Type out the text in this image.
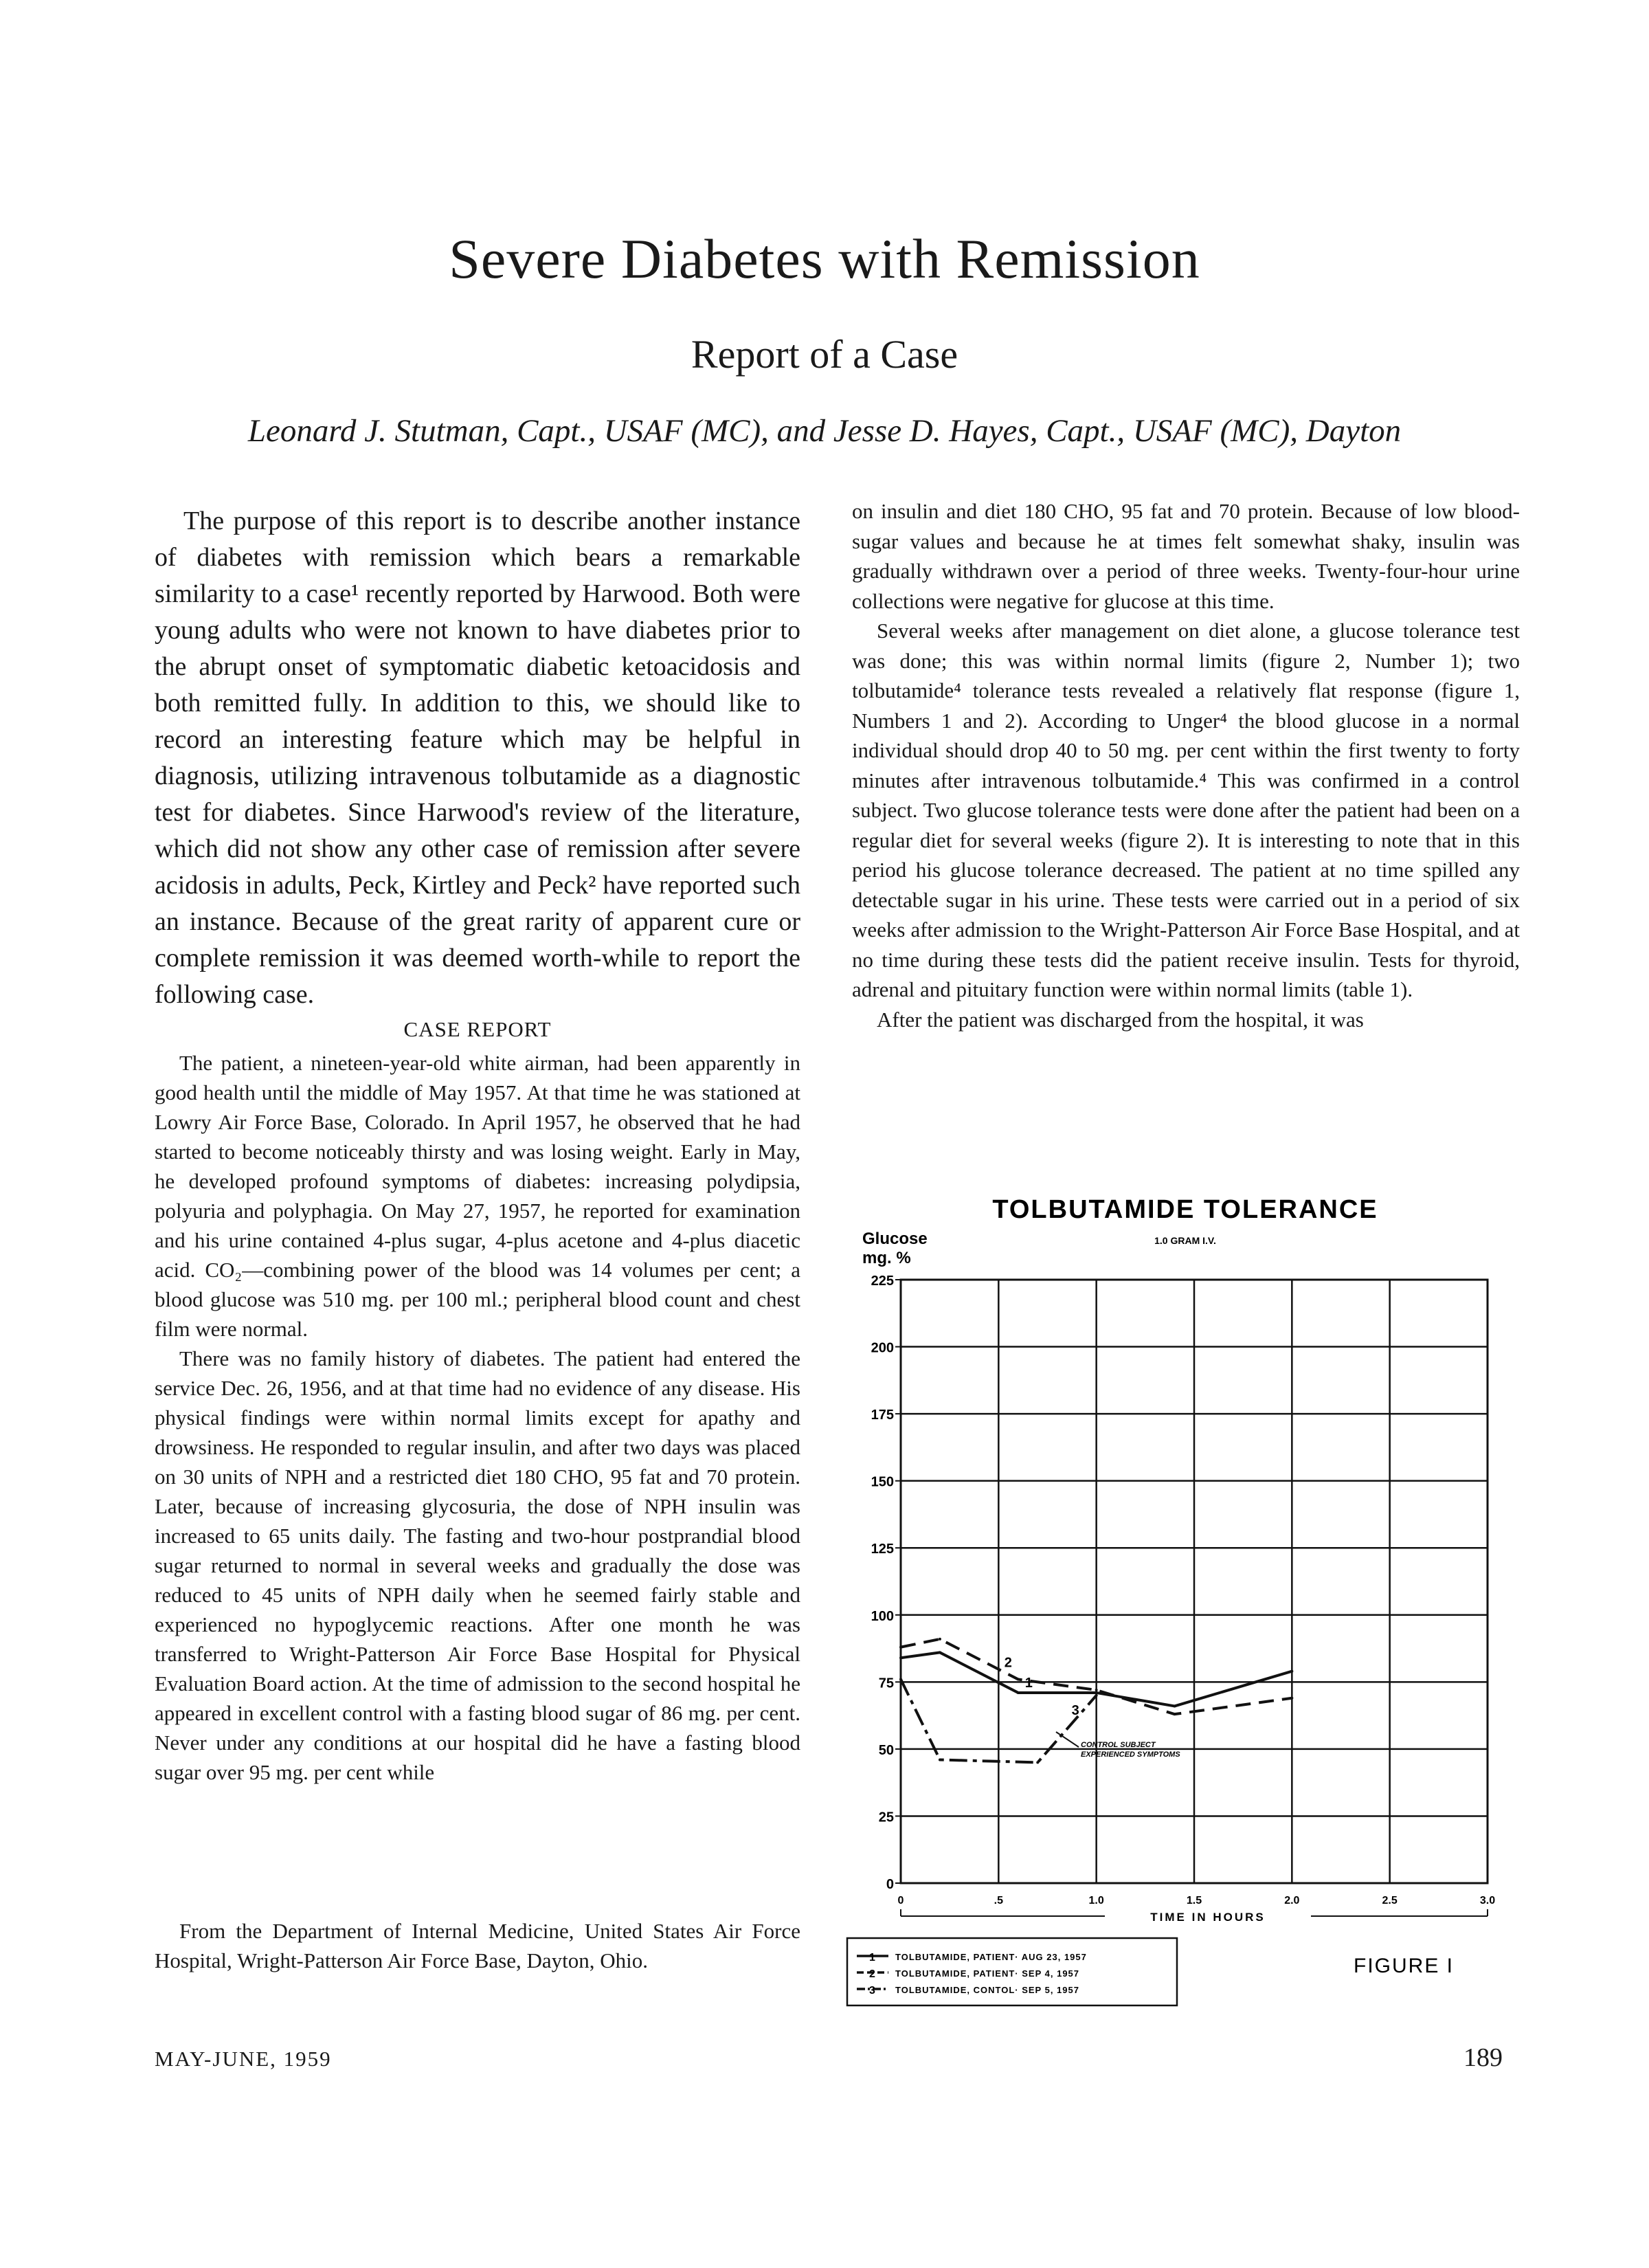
Severe Diabetes with Remission
Report of a Case
Leonard J. Stutman, Capt., USAF (MC), and Jesse D. Hayes, Capt., USAF (MC), Dayton

The purpose of this report is to describe another instance of diabetes with remission which bears a remarkable similarity to a case¹ recently reported by Harwood. Both were young adults who were not known to have diabetes prior to the abrupt onset of symptomatic diabetic ketoacidosis and both remitted fully. In addition to this, we should like to record an interesting feature which may be helpful in diagnosis, utilizing intravenous tolbutamide as a diagnostic test for diabetes. Since Harwood's review of the literature, which did not show any other case of remission after severe acidosis in adults, Peck, Kirtley and Peck² have reported such an instance. Because of the great rarity of apparent cure or complete remission it was deemed worth-while to report the following case.

CASE REPORT

The patient, a nineteen-year-old white airman, had been apparently in good health until the middle of May 1957. At that time he was stationed at Lowry Air Force Base, Colorado. In April 1957, he observed that he had started to become noticeably thirsty and was losing weight. Early in May, he developed profound symptoms of diabetes: increasing polydipsia, polyuria and polyphagia. On May 27, 1957, he reported for examination and his urine contained 4-plus sugar, 4-plus acetone and 4-plus diacetic acid. CO₂—combining power of the blood was 14 volumes per cent; a blood glucose was 510 mg. per 100 ml.; peripheral blood count and chest film were normal.

There was no family history of diabetes. The patient had entered the service Dec. 26, 1956, and at that time had no evidence of any disease. His physical findings were within normal limits except for apathy and drowsiness. He responded to regular insulin, and after two days was placed on 30 units of NPH and a restricted diet 180 CHO, 95 fat and 70 protein. Later, because of increasing glycosuria, the dose of NPH insulin was increased to 65 units daily. The fasting and two-hour postprandial blood sugar returned to normal in several weeks and gradually the dose was reduced to 45 units of NPH daily when he seemed fairly stable and experienced no hypoglycemic reactions. After one month he was transferred to Wright-Patterson Air Force Base Hospital for Physical Evaluation Board action. At the time of admission to the second hospital he appeared in excellent control with a fasting blood sugar of 86 mg. per cent. Never under any conditions at our hospital did he have a fasting blood sugar over 95 mg. per cent while

on insulin and diet 180 CHO, 95 fat and 70 protein. Because of low blood-sugar values and because he at times felt somewhat shaky, insulin was gradually withdrawn over a period of three weeks. Twenty-four-hour urine collections were negative for glucose at this time.

Several weeks after management on diet alone, a glucose tolerance test was done; this was within normal limits (figure 2, Number 1); two tolbutamide⁴ tolerance tests revealed a relatively flat response (figure 1, Numbers 1 and 2). According to Unger⁴ the blood glucose in a normal individual should drop 40 to 50 mg. per cent within the first twenty to forty minutes after intravenous tolbutamide.⁴ This was confirmed in a control subject. Two glucose tolerance tests were done after the patient had been on a regular diet for several weeks (figure 2). It is interesting to note that in this period his glucose tolerance decreased. The patient at no time spilled any detectable sugar in his urine. These tests were carried out in a period of six weeks after admission to the Wright-Patterson Air Force Base Hospital, and at no time during these tests did the patient receive insulin. Tests for thyroid, adrenal and pituitary function were within normal limits (table 1).

After the patient was discharged from the hospital, it was

TOLBUTAMIDE TOLERANCE
1.0 GRAM I.V.
Glucose
mg. %
0	.5	1.0	1.5	2.0	2.5	3.0
0
25
50
75
100
125
150
175
200
225
TIME IN HOURS
1
2
3
CONTROL SUBJECT
EXPERIENCED SYMPTOMS
1 TOLBUTAMIDE, PATIENT· AUG 23, 1957
2 TOLBUTAMIDE, PATIENT· SEP 4, 1957
3 TOLBUTAMIDE, CONTOL· SEP 5, 1957
FIGURE I
From the Department of Internal Medicine, United States Air Force Hospital, Wright-Patterson Air Force Base, Dayton, Ohio.
MAY-JUNE, 1959	189
